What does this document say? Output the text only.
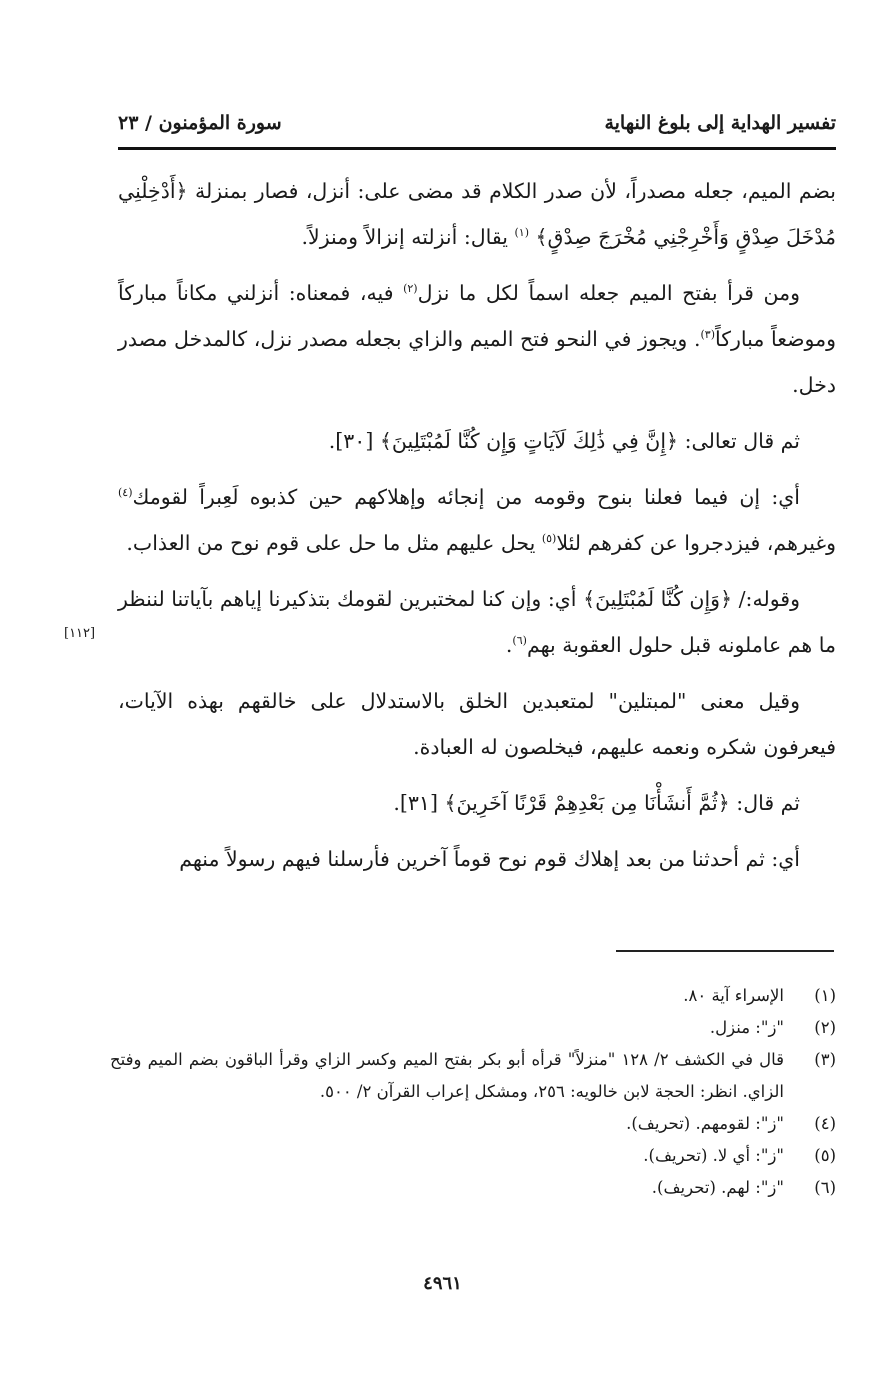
تفسير الهداية إلى بلوغ النهاية
سورة المؤمنون / ٢٣

بضم الميم، جعله مصدراً، لأن صدر الكلام قد مضى على: أنزل، فصار بمنزلة ﴿أَدْخِلْنِي مُدْخَلَ صِدْقٍ وَأَخْرِجْنِي مُخْرَجَ صِدْقٍ﴾ $^{(١)}$ يقال: أنزلته إنزالاً ومنزلاً.

ومن قرأ بفتح الميم جعله اسماً لكل ما نزل$^{(٢)}$ فيه، فمعناه: أنزلني مكاناً مباركاً وموضعاً مباركاً$^{(٣)}$. ويجوز في النحو فتح الميم والزاي بجعله مصدر نزل، كالمدخل مصدر دخل.

ثم قال تعالى: ﴿إِنَّ فِي ذَٰلِكَ لَآيَاتٍ وَإِن كُنَّا لَمُبْتَلِينَ﴾ [٣٠].

أي: إن فيما فعلنا بنوح وقومه من إنجائه وإهلاكهم حين كذبوه لَعِبراً لقومك$^{(٤)}$ وغيرهم، فيزدجروا عن كفرهم لئلا$^{(٥)}$ يحل عليهم مثل ما حل على قوم نوح من العذاب.

وقوله:/ ﴿وَإِن كُنَّا لَمُبْتَلِينَ﴾ أي: وإن كنا لمختبرين لقومك بتذكيرنا إياهم بآياتنا لننظر ما هم عاملونه قبل حلول العقوبة بهم$^{(٦)}$.

وقيل معنى "لمبتلين" لمتعبدين الخلق بالاستدلال على خالقهم بهذه الآيات، فيعرفون شكره ونعمه عليهم، فيخلصون له العبادة.

ثم قال: ﴿ثُمَّ أَنشَأْنَا مِن بَعْدِهِمْ قَرْنًا آخَرِينَ﴾ [٣١].

أي: ثم أحدثنا من بعد إهلاك قوم نوح قوماً آخرين فأرسلنا فيهم رسولاً منهم

[١١٢]
(١)
الإسراء آية ٨٠.
(٢)
"ز": منزل.
(٣)
قال في الكشف ٢/ ١٢٨ "منزلاً" قرأه أبو بكر بفتح الميم وكسر الزاي وقرأ الباقون بضم الميم وفتح الزاي. انظر: الحجة لابن خالويه: ٢٥٦، ومشكل إعراب القرآن ٢/ ٥٠٠.
(٤)
"ز": لقومهم. (تحريف).
(٥)
"ز": أي لا. (تحريف).
(٦)
"ز": لهم. (تحريف).
٤٩٦١
